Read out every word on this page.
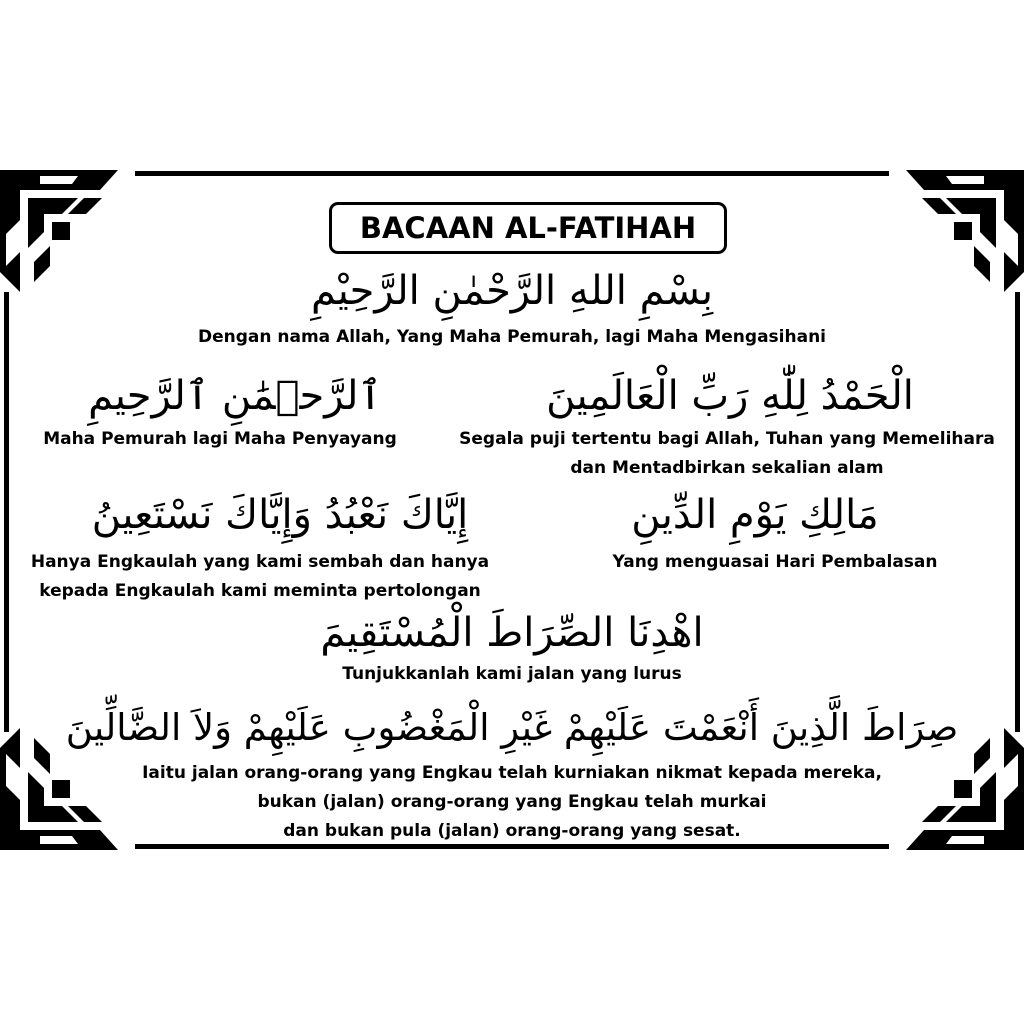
BACAAN AL-FATIHAH
بِسْمِ اللهِ الرَّحْمٰنِ الرَّحِيْمِ
Dengan nama Allah, Yang Maha Pemurah, lagi Maha Mengasihani
الْحَمْدُ لِلّٰهِ رَبِّ الْعَالَمِينَ
Segala puji tertentu bagi Allah, Tuhan yang Memelihara
dan Mentadbirkan sekalian alam
ٱلرَّحۡمَٰنِ ٱلرَّحِيمِ
Maha Pemurah lagi Maha Penyayang
مَالِكِ يَوْمِ الدِّينِ
Yang menguasai Hari Pembalasan
إِيَّاكَ نَعْبُدُ وَإِيَّاكَ نَسْتَعِينُ
Hanya Engkaulah yang kami sembah dan hanya
kepada Engkaulah kami meminta pertolongan
اهْدِنَا الصِّرَاطَ الْمُسْتَقِيمَ
Tunjukkanlah kami jalan yang lurus
صِرَاطَ الَّذِينَ أَنْعَمْتَ عَلَيْهِمْ غَيْرِ الْمَغْضُوبِ عَلَيْهِمْ وَلاَ الضَّالِّينَ
Iaitu jalan orang-orang yang Engkau telah kurniakan nikmat kepada mereka,
bukan (jalan) orang-orang yang Engkau telah murkai
dan bukan pula (jalan) orang-orang yang sesat.
